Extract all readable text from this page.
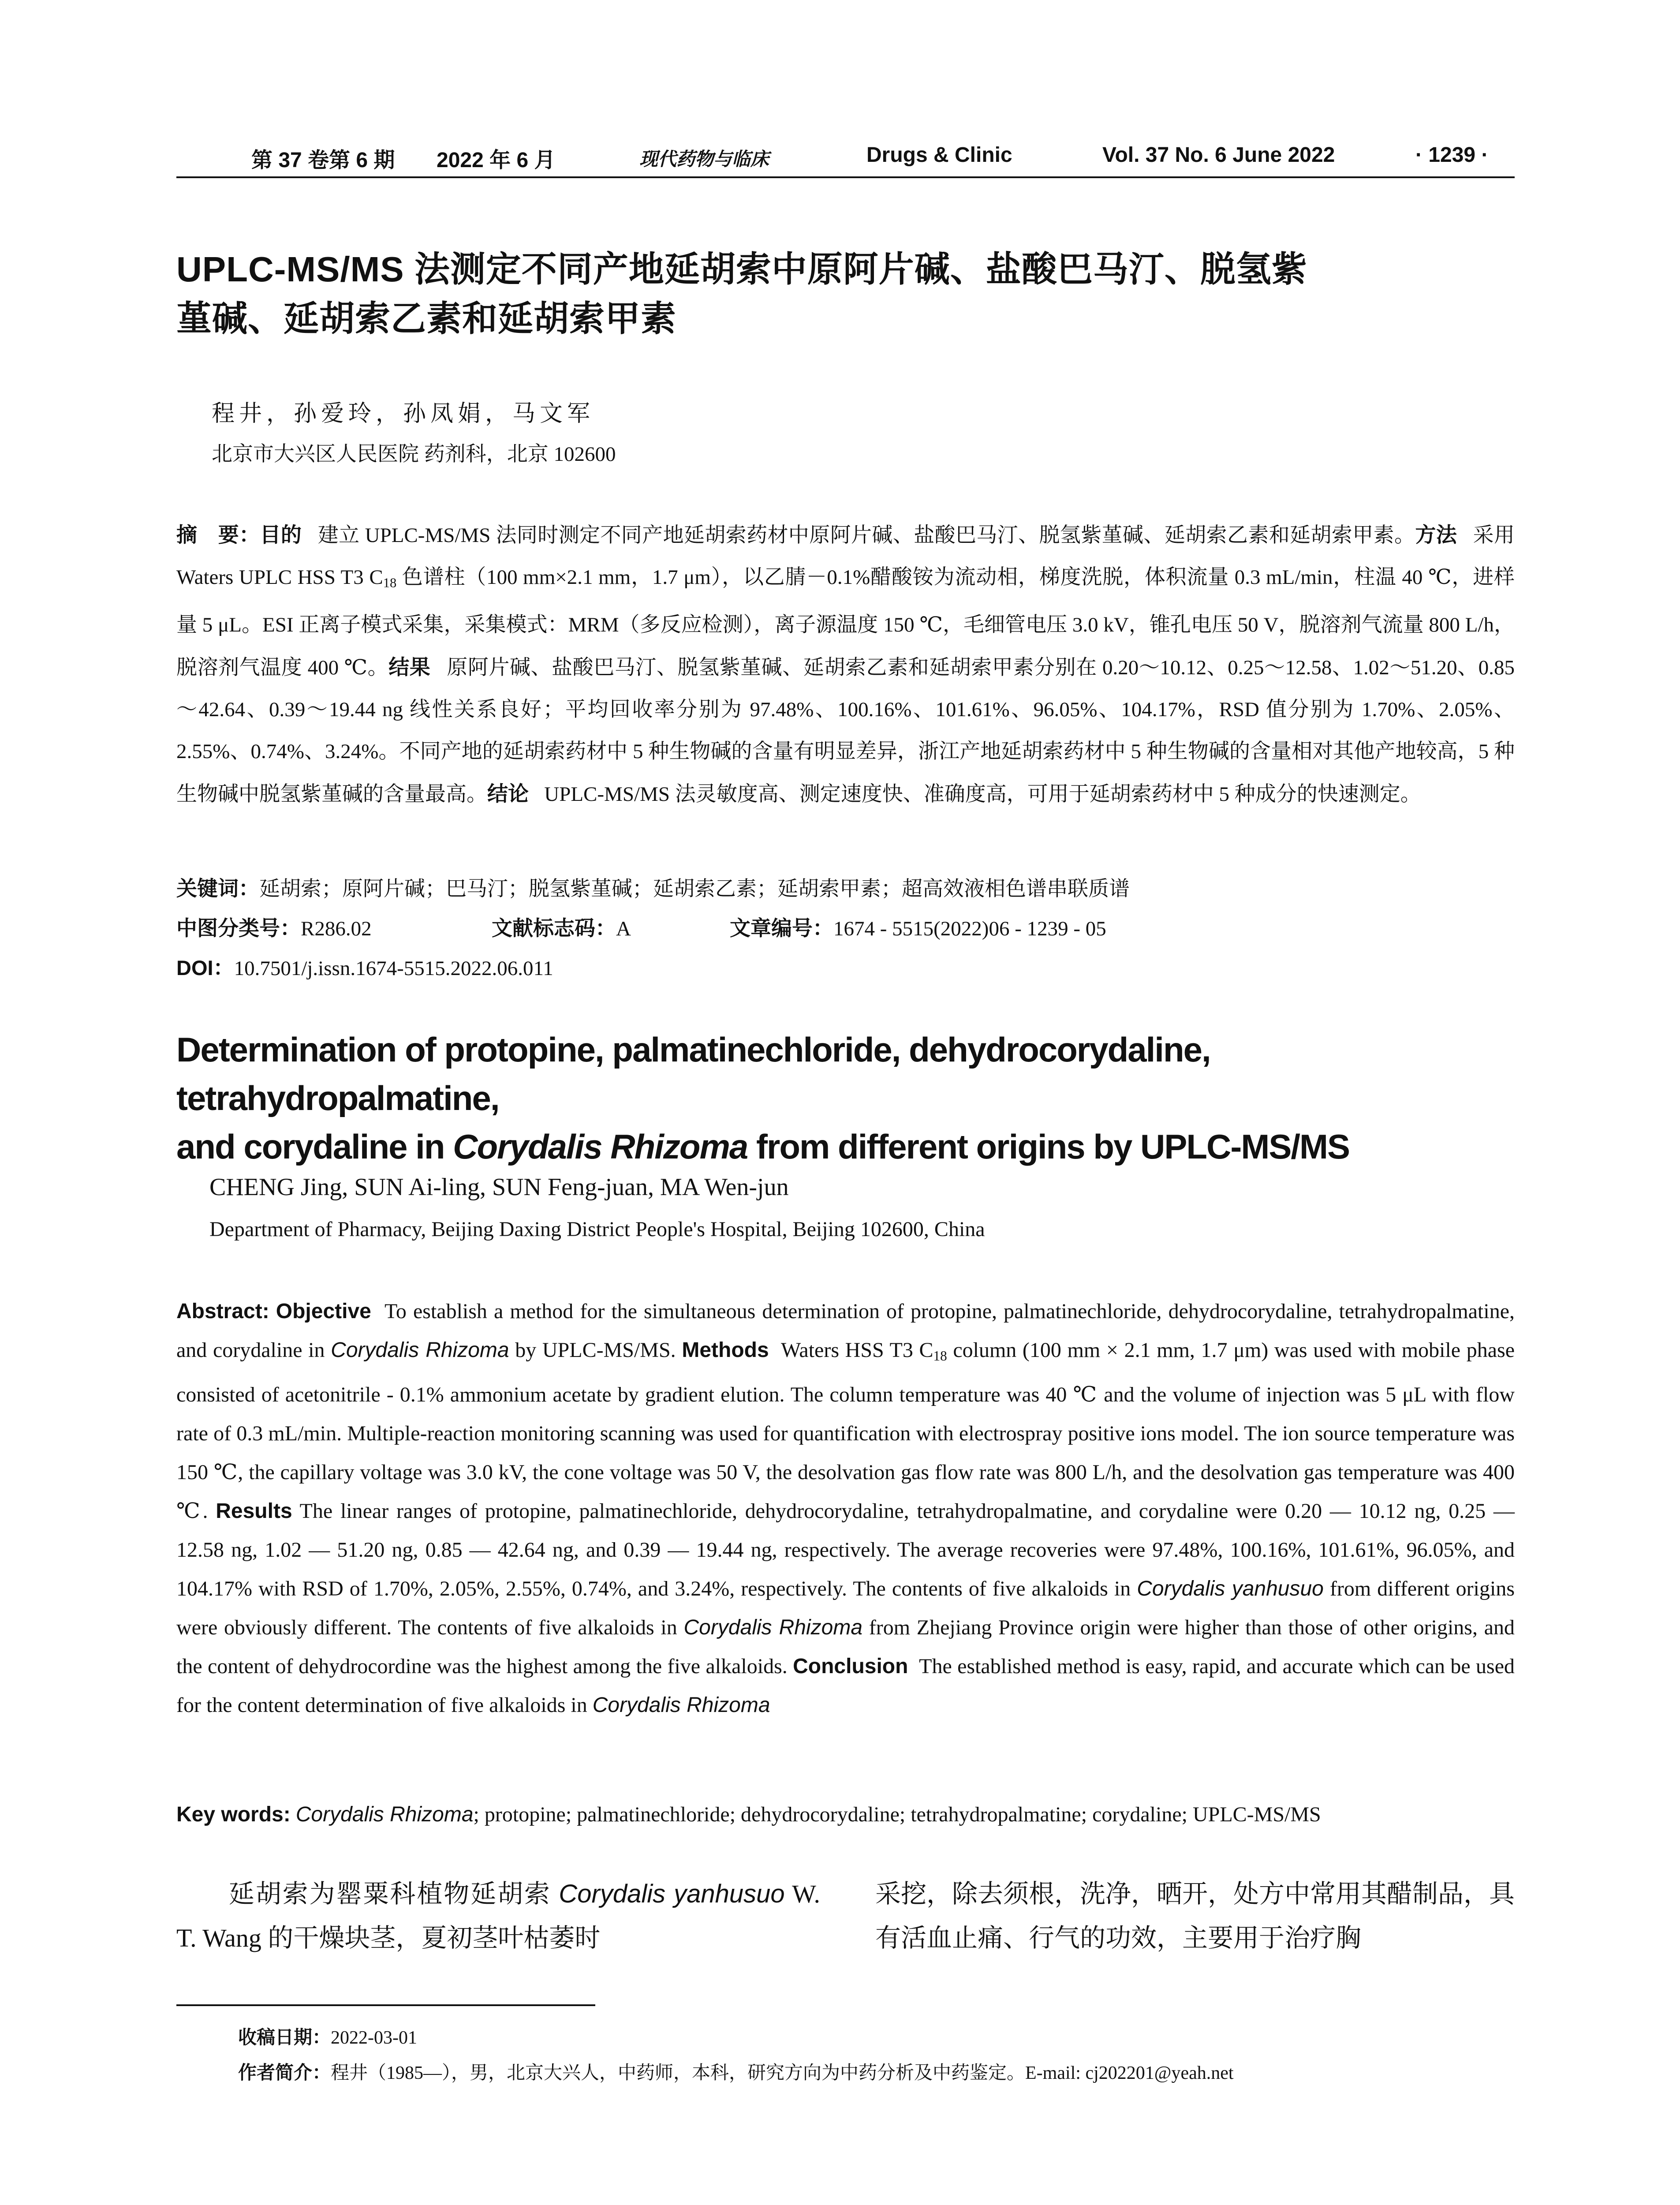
第 37 卷第 6 期 2022 年 6 月	现代药物与临床	Drugs & Clinic	Vol. 37 No. 6 June 2022	· 1239 ·
UPLC-MS/MS 法测定不同产地延胡索中原阿片碱、盐酸巴马汀、脱氢紫
堇碱、延胡索乙素和延胡索甲素
程井，孙爱玲，孙凤娟，马文军
北京市大兴区人民医院 药剂科，北京 102600
摘　要：目的 建立 UPLC-MS/MS 法同时测定不同产地延胡索药材中原阿片碱、盐酸巴马汀、脱氢紫堇碱、延胡索乙素和延胡索甲素。方法 采用 Waters UPLC HSS T3 $C_{18}$ 色谱柱（100 mm×2.1 mm，1.7 μm），以乙腈－0.1%醋酸铵为流动相，梯度洗脱，体积流量 0.3 mL/min，柱温 40 ℃，进样量 5 μL。ESI 正离子模式采集，采集模式：MRM（多反应检测），离子源温度 150 ℃，毛细管电压 3.0 kV，锥孔电压 50 V，脱溶剂气流量 800 L/h，脱溶剂气温度 400 ℃。结果 原阿片碱、盐酸巴马汀、脱氢紫堇碱、延胡索乙素和延胡索甲素分别在 0.20～10.12、0.25～12.58、1.02～51.20、0.85～42.64、0.39～19.44 ng 线性关系良好；平均回收率分别为 97.48%、100.16%、101.61%、96.05%、104.17%，RSD 值分别为 1.70%、2.05%、2.55%、0.74%、3.24%。不同产地的延胡索药材中 5 种生物碱的含量有明显差异，浙江产地延胡索药材中 5 种生物碱的含量相对其他产地较高，5 种生物碱中脱氢紫堇碱的含量最高。结论 UPLC-MS/MS 法灵敏度高、测定速度快、准确度高，可用于延胡索药材中 5 种成分的快速测定。
关键词：延胡索；原阿片碱；巴马汀；脱氢紫堇碱；延胡索乙素；延胡索甲素；超高效液相色谱串联质谱
中图分类号：R286.02	文献标志码：A	文章编号：1674 - 5515(2022)06 - 1239 - 05
DOI：10.7501/j.issn.1674-5515.2022.06.011
Determination of protopine, palmatinechloride, dehydrocorydaline, tetrahydropalmatine,
and corydaline in Corydalis Rhizoma from different origins by UPLC-MS/MS
CHENG Jing, SUN Ai-ling, SUN Feng-juan, MA Wen-jun
Department of Pharmacy, Beijing Daxing District People's Hospital, Beijing 102600, China
Abstract: Objective To establish a method for the simultaneous determination of protopine, palmatinechloride, dehydrocorydaline, tetrahydropalmatine, and corydaline in Corydalis Rhizoma by UPLC-MS/MS. Methods Waters HSS T3 $C_{18}$ column (100 mm × 2.1 mm, 1.7 μm) was used with mobile phase consisted of acetonitrile - 0.1% ammonium acetate by gradient elution. The column temperature was 40 ℃ and the volume of injection was 5 μL with flow rate of 0.3 mL/min. Multiple-reaction monitoring scanning was used for quantification with electrospray positive ions model. The ion source temperature was 150 ℃, the capillary voltage was 3.0 kV, the cone voltage was 50 V, the desolvation gas flow rate was 800 L/h, and the desolvation gas temperature was 400 ℃. Results The linear ranges of protopine, palmatinechloride, dehydrocorydaline, tetrahydropalmatine, and corydaline were 0.20 — 10.12 ng, 0.25 — 12.58 ng, 1.02 — 51.20 ng, 0.85 — 42.64 ng, and 0.39 — 19.44 ng, respectively. The average recoveries were 97.48%, 100.16%, 101.61%, 96.05%, and 104.17% with RSD of 1.70%, 2.05%, 2.55%, 0.74%, and 3.24%, respectively. The contents of five alkaloids in Corydalis yanhusuo from different origins were obviously different. The contents of five alkaloids in Corydalis Rhizoma from Zhejiang Province origin were higher than those of other origins, and the content of dehydrocordine was the highest among the five alkaloids. Conclusion The established method is easy, rapid, and accurate which can be used for the content determination of five alkaloids in Corydalis Rhizoma
Key words: Corydalis Rhizoma; protopine; palmatinechloride; dehydrocorydaline; tetrahydropalmatine; corydaline; UPLC-MS/MS
延胡索为罂粟科植物延胡索 Corydalis yanhusuo W. T. Wang 的干燥块茎，夏初茎叶枯萎时
采挖，除去须根，洗净，晒开，处方中常用其醋制品，具有活血止痛、行气的功效，主要用于治疗胸
收稿日期：2022-03-01
作者简介：程井（1985—），男，北京大兴人，中药师，本科，研究方向为中药分析及中药鉴定。E-mail: cj202201@yeah.net
